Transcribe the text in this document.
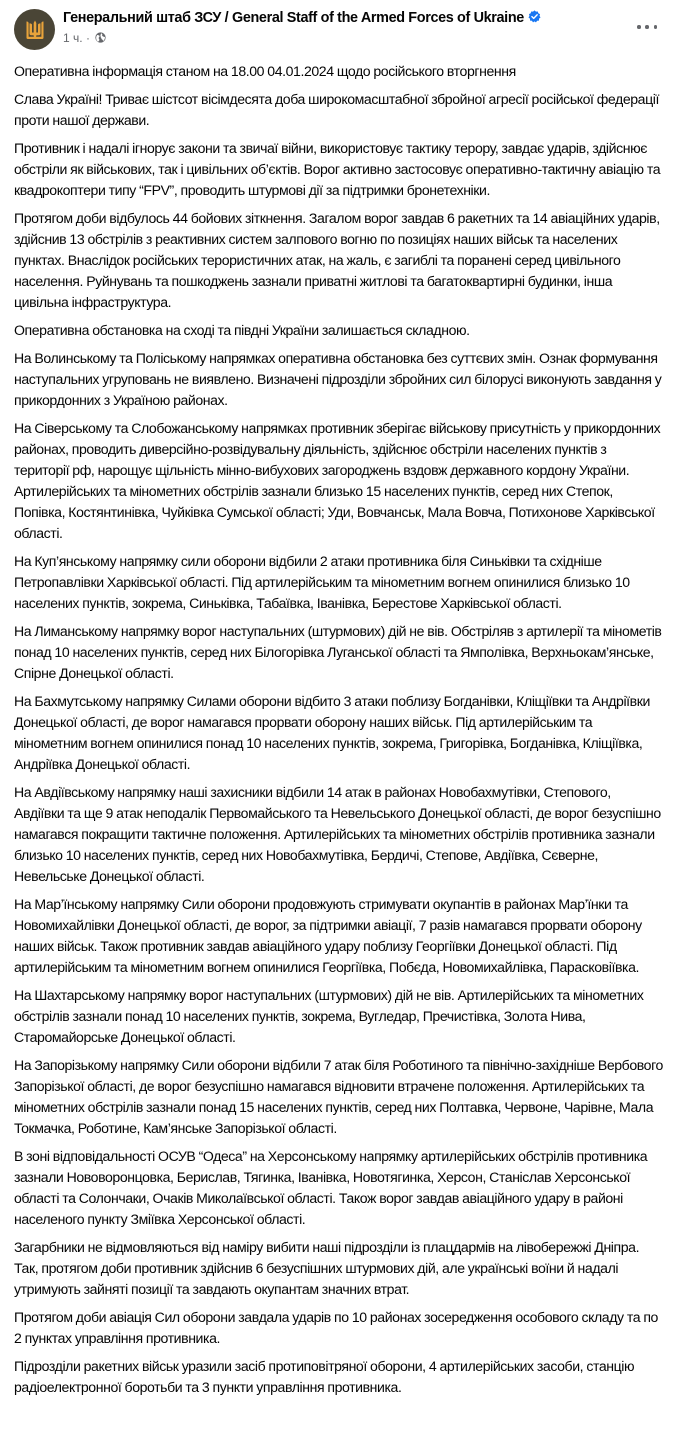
Генеральний штаб ЗСУ / General Staff of the Armed Forces of Ukraine
1 ч. ·

Оперативна інформація станом на 18.00 04.01.2024 щодо російського вторгнення

Слава Україні! Триває шістсот вісімдесята доба широкомасштабної збройної агресії російської федерації проти нашої держави.

Противник і надалі ігнорує закони та звичаї війни, використовує тактику терору, завдає ударів, здійснює обстріли як військових, так і цивільних об’єктів. Ворог активно застосовує оперативно-тактичну авіацію та квадрокоптери типу “FPV”, проводить штурмові дії за підтримки бронетехніки.

Протягом доби відбулось 44 бойових зіткнення. Загалом ворог завдав 6 ракетних та 14 авіаційних ударів, здійснив 13 обстрілів з реактивних систем залпового вогню по позиціях наших військ та населених пунктах. Внаслідок російських терористичних атак, на жаль, є загиблі та поранені серед цивільного населення. Руйнувань та пошкоджень зазнали приватні житлові та багатоквартирні будинки, інша цивільна інфраструктура.

Оперативна обстановка на сході та півдні України залишається складною.

На Волинському та Поліському напрямках оперативна обстановка без суттєвих змін. Ознак формування наступальних угруповань не виявлено. Визначені підрозділи збройних сил білорусі виконують завдання у прикордонних з Україною районах.

На Сіверському та Слобожанському напрямках противник зберігає військову присутність у прикордонних районах, проводить диверсійно-розвідувальну діяльність, здійснює обстріли населених пунктів з території рф, нарощує щільність мінно-вибухових загороджень вздовж державного кордону України. Артилерійських та мінометних обстрілів зазнали близько 15 населених пунктів, серед них Степок, Попівка, Костянтинівка, Чуйківка Сумської області; Уди, Вовчанськ, Мала Вовча, Потихонове Харківської області.

На Куп’янському напрямку сили оборони відбили 2 атаки противника біля Синьківки та східніше Петропавлівки Харківської області. Під артилерійським та мінометним вогнем опинилися близько 10 населених пунктів, зокрема, Синьківка, Табаївка, Іванівка, Берестове Харківської області.

На Лиманському напрямку ворог наступальних (штурмових) дій не вів. Обстріляв з артилерії та мінометів понад 10 населених пунктів, серед них Білогорівка Луганської області та Ямполівка, Верхньокам’янське, Спірне Донецької області.

На Бахмутському напрямку Силами оборони відбито 3 атаки поблизу Богданівки, Кліщіївки та Андріївки Донецької області, де ворог намагався прорвати оборону наших військ. Під артилерійським та мінометним вогнем опинилися понад 10 населених пунктів, зокрема, Григорівка, Богданівка, Кліщіївка, Андріївка Донецької області.

На Авдіївському напрямку наші захисники відбили 14 атак в районах Новобахмутівки, Степового, Авдіївки та ще 9 атак неподалік Первомайського та Невельського Донецької області, де ворог безуспішно намагався покращити тактичне положення. Артилерійських та мінометних обстрілів противника зазнали близько 10 населених пунктів, серед них Новобахмутівка, Бердичі, Степове, Авдіївка, Сєверне, Невельське Донецької області.

На Мар’їнському напрямку Сили оборони продовжують стримувати окупантів в районах Мар’їнки та Новомихайлівки Донецької області, де ворог, за підтримки авіації, 7 разів намагався прорвати оборону наших військ. Також противник завдав авіаційного удару поблизу Георгіївки Донецької області. Під артилерійським та мінометним вогнем опинилися Георгіївка, Побєда, Новомихайлівка, Парасковіївка.

На Шахтарському напрямку ворог наступальних (штурмових) дій не вів. Артилерійських та мінометних обстрілів зазнали понад 10 населених пунктів, зокрема, Вугледар, Пречистівка, Золота Нива, Старомайорське Донецької області.

На Запорізькому напрямку Сили оборони відбили 7 атак біля Роботиного та північно-західніше Вербового Запорізької області, де ворог безуспішно намагався відновити втрачене положення. Артилерійських та мінометних обстрілів зазнали понад 15 населених пунктів, серед них Полтавка, Червоне, Чарівне, Мала Токмачка, Роботине, Кам’янське Запорізької області.

В зоні відповідальності ОСУВ “Одеса” на Херсонському напрямку артилерійських обстрілів противника зазнали Нововоронцовка, Берислав, Тягинка, Іванівка, Новотягинка, Херсон, Станіслав Херсонської області та Солончаки, Очаків Миколаївської області. Також ворог завдав авіаційного удару в районі населеного пункту Зміївка Херсонської області.

Загарбники не відмовляються від наміру вибити наші підрозділи із плацдармів на лівобережжі Дніпра. Так, протягом доби противник здійснив 6 безуспішних штурмових дій, але українські воїни й надалі утримують зайняті позиції та завдають окупантам значних втрат.

Протягом доби авіація Сил оборони завдала ударів по 10 районах зосередження особового складу та по 2 пунктах управління противника.

Підрозділи ракетних військ уразили засіб протиповітряної оборони, 4 артилерійських засоби, станцію радіоелектронної боротьби та 3 пункти управління противника.
